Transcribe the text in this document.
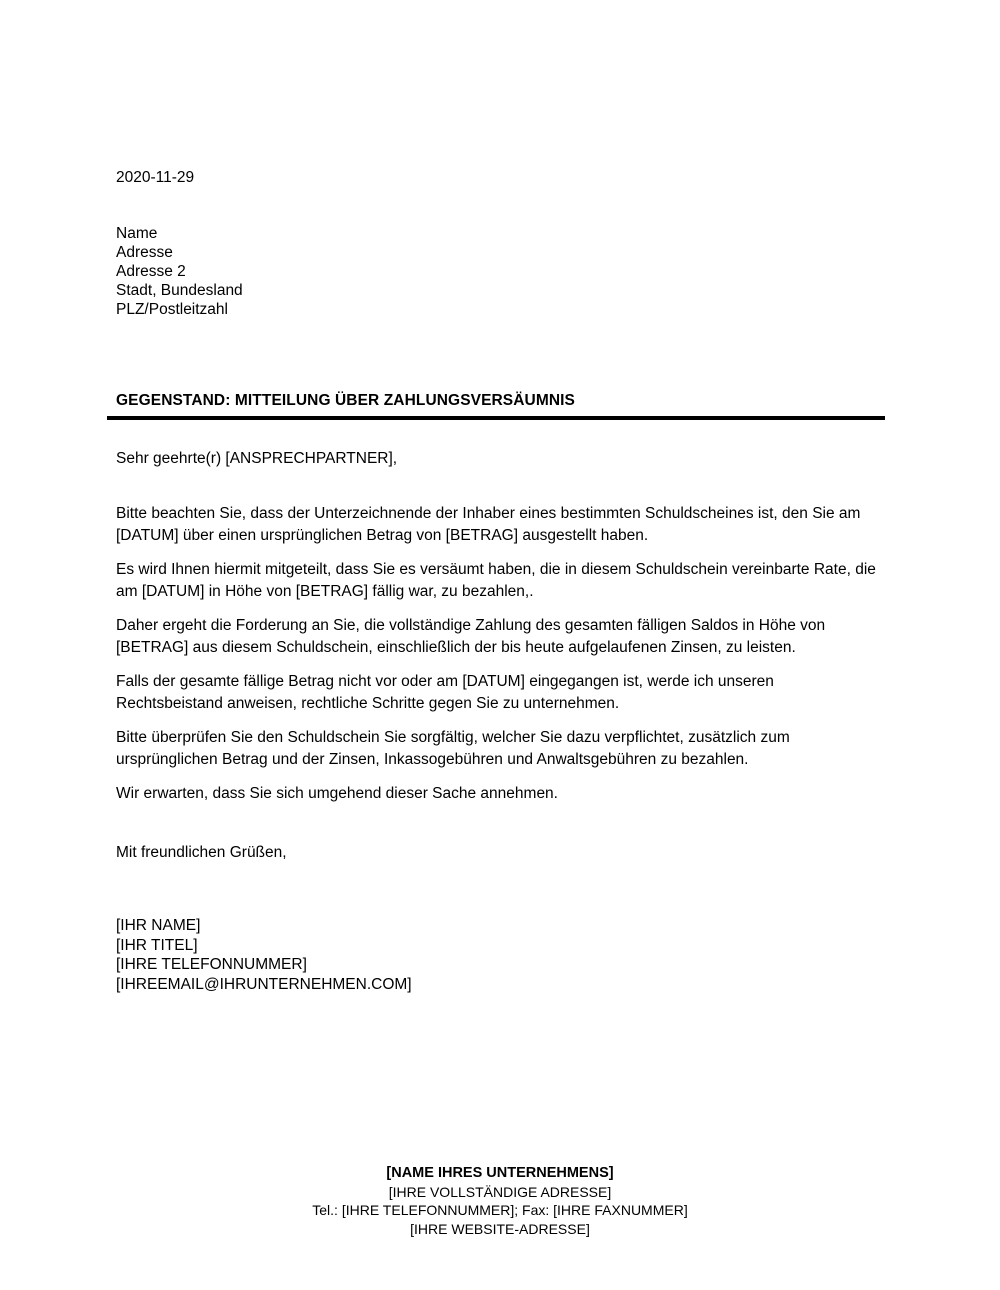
2020-11-29
Name
Adresse
Adresse 2
Stadt, Bundesland
PLZ/Postleitzahl
GEGENSTAND: MITTEILUNG ÜBER ZAHLUNGSVERSÄUMNIS
Sehr geehrte(r) [ANSPRECHPARTNER],

Bitte beachten Sie, dass der Unterzeichnende der Inhaber eines bestimmten Schuldscheines ist, den Sie am [DATUM] über einen ursprünglichen Betrag von [BETRAG] ausgestellt haben.

Es wird Ihnen hiermit mitgeteilt, dass Sie es versäumt haben, die in diesem Schuldschein vereinbarte Rate, die am [DATUM] in Höhe von [BETRAG] fällig war, zu bezahlen,.

Daher ergeht die Forderung an Sie, die vollständige Zahlung des gesamten fälligen Saldos in Höhe von [BETRAG] aus diesem Schuldschein, einschließlich der bis heute aufgelaufenen Zinsen, zu leisten.

Falls der gesamte fällige Betrag nicht vor oder am [DATUM] eingegangen ist, werde ich unseren Rechtsbeistand anweisen, rechtliche Schritte gegen Sie zu unternehmen.

Bitte überprüfen Sie den Schuldschein Sie sorgfältig, welcher Sie dazu verpflichtet, zusätzlich zum ursprünglichen Betrag und der Zinsen, Inkassogebühren und Anwaltsgebühren zu bezahlen.

Wir erwarten, dass Sie sich umgehend dieser Sache annehmen.

Mit freundlichen Grüßen,
[IHR NAME]
[IHR TITEL]
[IHRE TELEFONNUMMER]
[IHREEMAIL@IHRUNTERNEHMEN.COM]
[NAME IHRES UNTERNEHMENS]
[IHRE VOLLSTÄNDIGE ADRESSE]
Tel.: [IHRE TELEFONNUMMER]; Fax: [IHRE FAXNUMMER]
[IHRE WEBSITE-ADRESSE]
